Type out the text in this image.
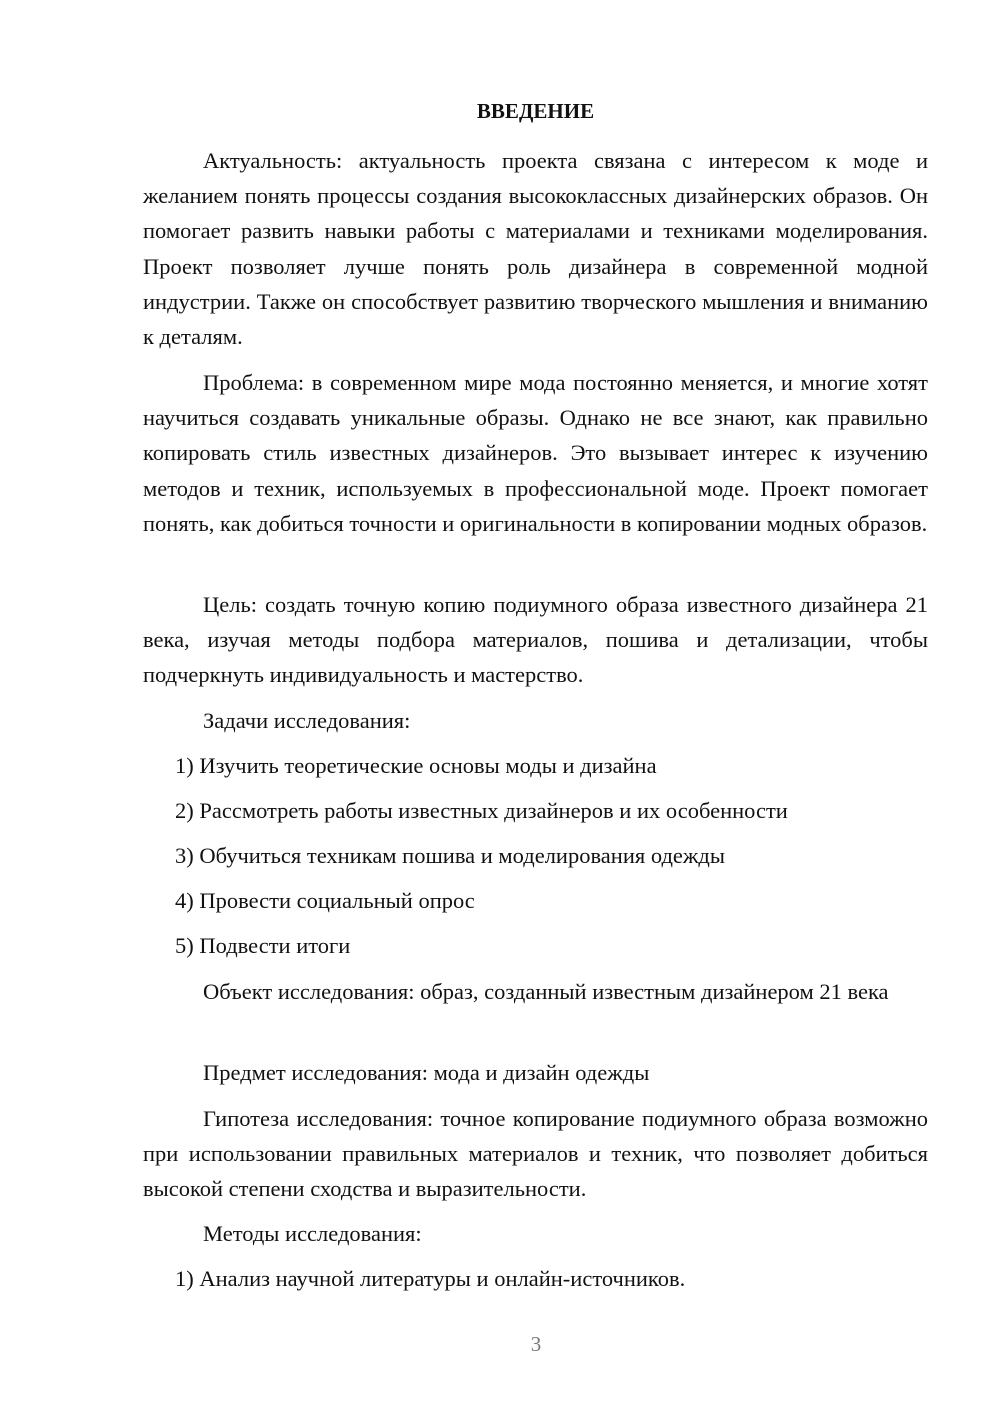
ВВЕДЕНИЕ

Актуальность: актуальность проекта связана с интересом к моде и желанием понять процессы создания высококлассных дизайнерских образов. Он помогает развить навыки работы с материалами и техниками моделирования. Проект позволяет лучше понять роль дизайнера в современной модной индустрии. Также он способствует развитию творческого мышления и вниманию к деталям.

Проблема: в современном мире мода постоянно меняется, и многие хотят научиться создавать уникальные образы. Однако не все знают, как правильно копировать стиль известных дизайнеров. Это вызывает интерес к изучению методов и техник, используемых в профессиональной моде. Проект помогает понять, как добиться точности и оригинальности в копировании модных образов.

Цель: создать точную копию подиумного образа известного дизайнера 21 века, изучая методы подбора материалов, пошива и детализации, чтобы подчеркнуть индивидуальность и мастерство.

Задачи исследования:

1) Изучить теоретические основы моды и дизайна

2) Рассмотреть работы известных дизайнеров и их особенности

3) Обучиться техникам пошива и моделирования одежды

4) Провести социальный опрос

5) Подвести итоги

Объект исследования: образ, созданный известным дизайнером 21 века

Предмет исследования: мода и дизайн одежды

Гипотеза исследования: точное копирование подиумного образа возможно при использовании правильных материалов и техник, что позволяет добиться высокой степени сходства и выразительности.

Методы исследования:

1) Анализ научной литературы и онлайн-источников.

3
